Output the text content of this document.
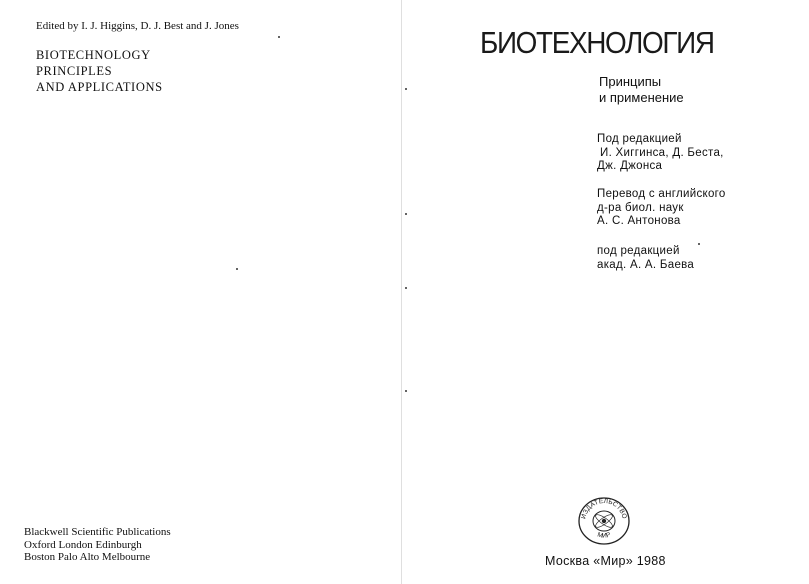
Edited by I. J. Higgins, D. J. Best and J. Jones
BIOTECHNOLOGY
PRINCIPLES
AND APPLICATIONS
Blackwell Scientific Publications
Oxford London Edinburgh
Boston Palo Alto Melbourne
БИОТЕХНОЛОГИЯ
Принципы
и применение
Под редакцией
И. Хиггинса, Д. Беста,
Дж. Джонса
Перевод с английского
д-ра биол. наук
А. С. Антонова
под редакцией
акад. А. А. Баева
ИЗДАТЕЛЬСТВО
МИР
Москва «Мир» 1988
